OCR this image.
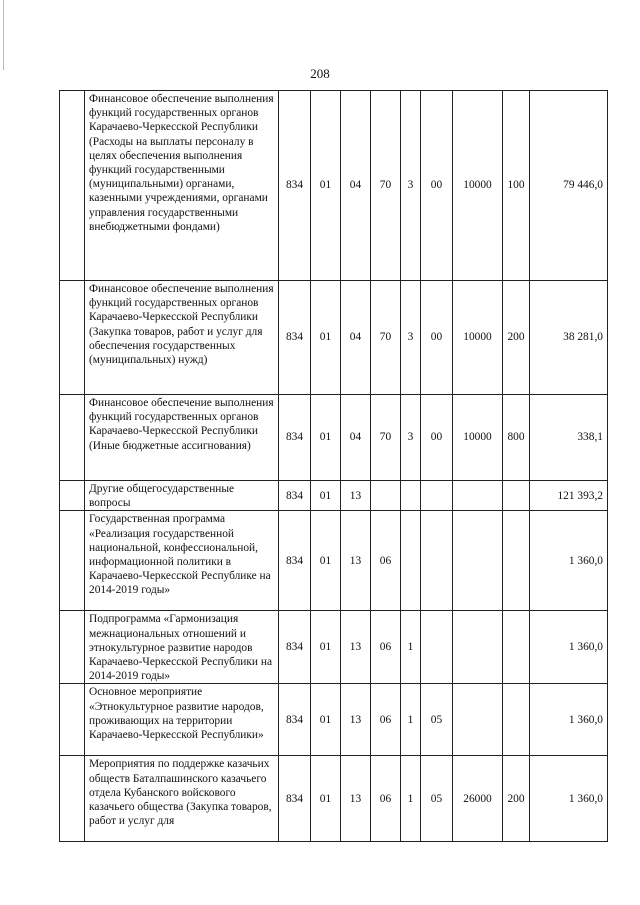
208
	Финансовое обеспечение выполнения функций государственных органов Карачаево-Черкесской Республики (Расходы на выплаты персоналу в целях обеспечения выполнения функций государственными (муниципальными) органами, казенными учреждениями, органами управления государственными внебюджетными фондами)	834	01	04	70	3	00	10000	100	79 446,0
	Финансовое обеспечение выполнения функций государственных органов Карачаево-Черкесской Республики (Закупка товаров, работ и услуг для обеспечения государственных (муниципальных) нужд)	834	01	04	70	3	00	10000	200	38 281,0
	Финансовое обеспечение выполнения функций государственных органов Карачаево-Черкесской Республики (Иные бюджетные ассигнования)	834	01	04	70	3	00	10000	800	338,1
	Другие общегосударственные вопросы	834	01	13						121 393,2
	Государственная программа «Реализация государственной национальной, конфессиональной, информационной политики в Карачаево-Черкесской Республике на 2014-2019 годы»	834	01	13	06					1 360,0
	Подпрограмма «Гармонизация межнациональных отношений и этнокультурное развитие народов Карачаево-Черкесской Республики на 2014-2019 годы»	834	01	13	06	1				1 360,0
	Основное мероприятие «Этнокультурное развитие народов, проживающих на территории Карачаево-Черкесской Республики»	834	01	13	06	1	05			1 360,0
	Мероприятия по поддержке казачьих обществ Баталпашинского казачьего отдела Кубанского войскового казачьего общества (Закупка товаров, работ и услуг для	834	01	13	06	1	05	26000	200	1 360,0
